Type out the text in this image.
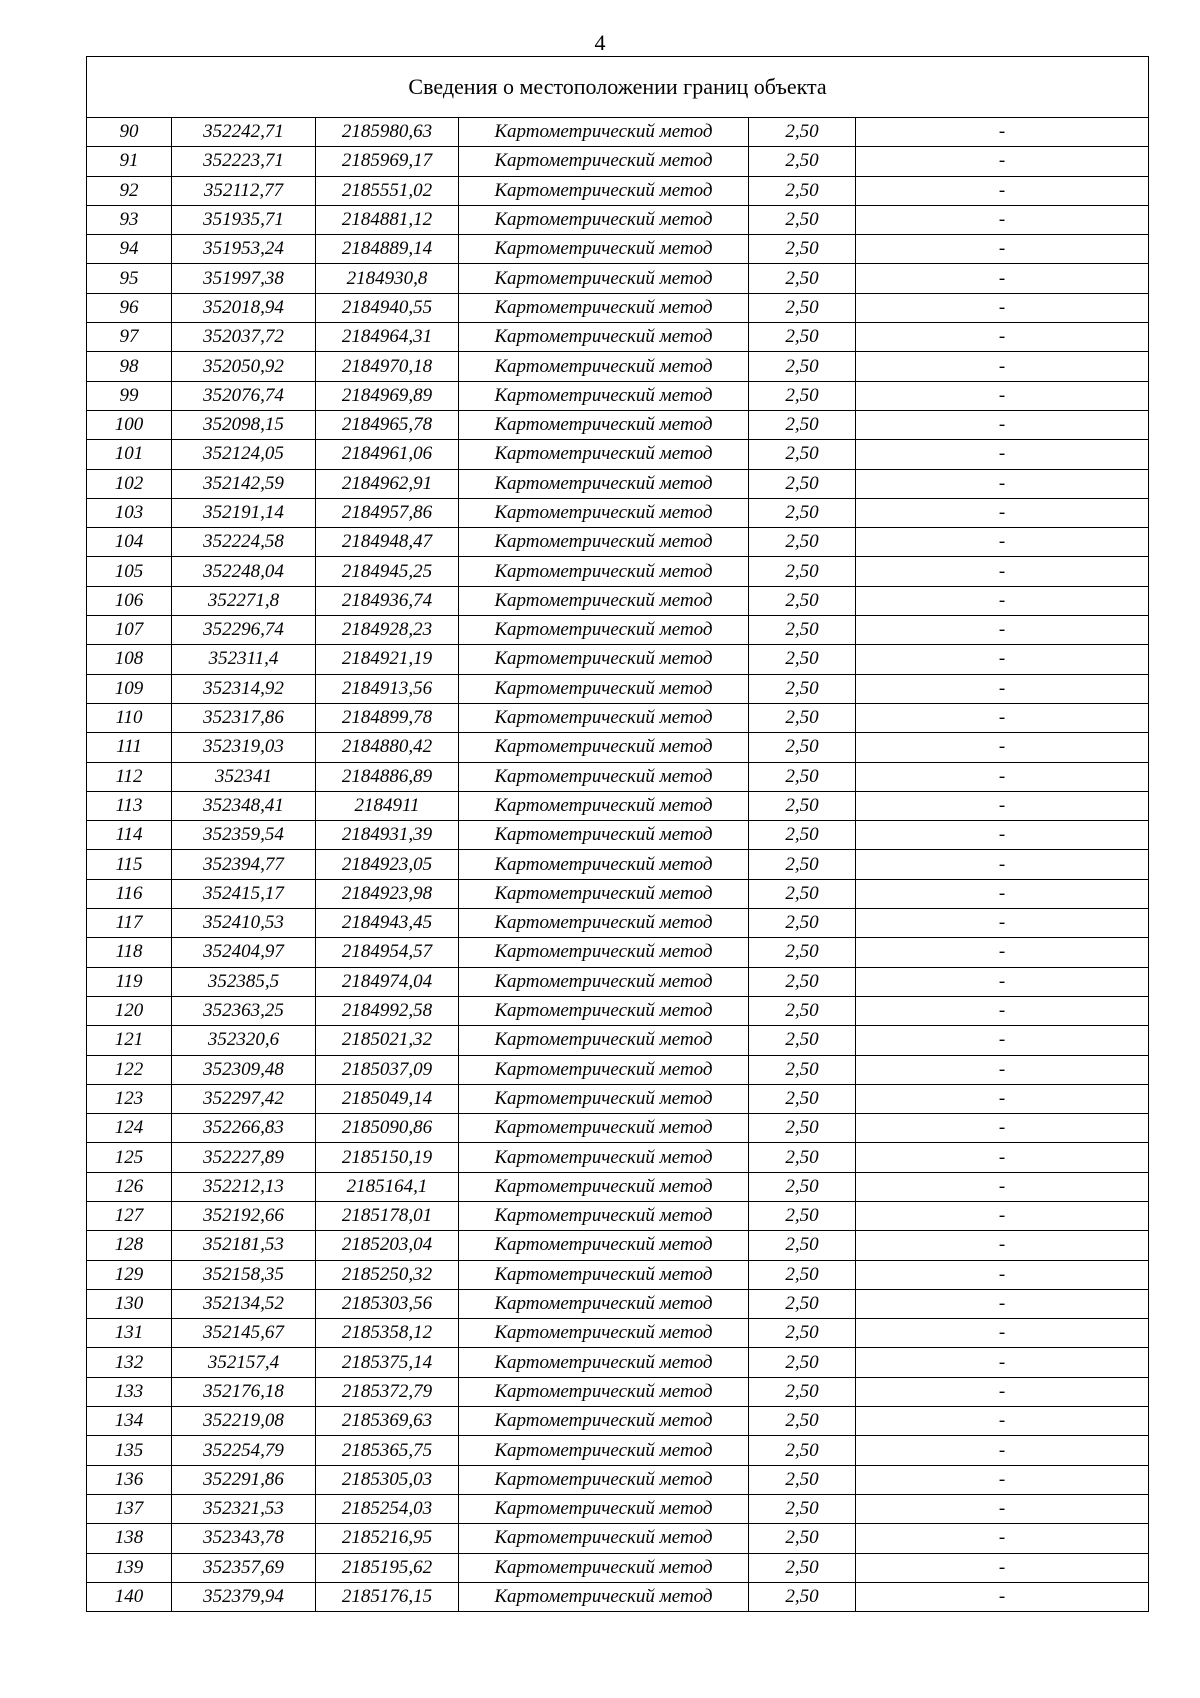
4
Сведения о местоположении границ объекта					
90	352242,71	2185980,63	Картометрический метод	2,50	-
91	352223,71	2185969,17	Картометрический метод	2,50	-
92	352112,77	2185551,02	Картометрический метод	2,50	-
93	351935,71	2184881,12	Картометрический метод	2,50	-
94	351953,24	2184889,14	Картометрический метод	2,50	-
95	351997,38	2184930,8	Картометрический метод	2,50	-
96	352018,94	2184940,55	Картометрический метод	2,50	-
97	352037,72	2184964,31	Картометрический метод	2,50	-
98	352050,92	2184970,18	Картометрический метод	2,50	-
99	352076,74	2184969,89	Картометрический метод	2,50	-
100	352098,15	2184965,78	Картометрический метод	2,50	-
101	352124,05	2184961,06	Картометрический метод	2,50	-
102	352142,59	2184962,91	Картометрический метод	2,50	-
103	352191,14	2184957,86	Картометрический метод	2,50	-
104	352224,58	2184948,47	Картометрический метод	2,50	-
105	352248,04	2184945,25	Картометрический метод	2,50	-
106	352271,8	2184936,74	Картометрический метод	2,50	-
107	352296,74	2184928,23	Картометрический метод	2,50	-
108	352311,4	2184921,19	Картометрический метод	2,50	-
109	352314,92	2184913,56	Картометрический метод	2,50	-
110	352317,86	2184899,78	Картометрический метод	2,50	-
111	352319,03	2184880,42	Картометрический метод	2,50	-
112	352341	2184886,89	Картометрический метод	2,50	-
113	352348,41	2184911	Картометрический метод	2,50	-
114	352359,54	2184931,39	Картометрический метод	2,50	-
115	352394,77	2184923,05	Картометрический метод	2,50	-
116	352415,17	2184923,98	Картометрический метод	2,50	-
117	352410,53	2184943,45	Картометрический метод	2,50	-
118	352404,97	2184954,57	Картометрический метод	2,50	-
119	352385,5	2184974,04	Картометрический метод	2,50	-
120	352363,25	2184992,58	Картометрический метод	2,50	-
121	352320,6	2185021,32	Картометрический метод	2,50	-
122	352309,48	2185037,09	Картометрический метод	2,50	-
123	352297,42	2185049,14	Картометрический метод	2,50	-
124	352266,83	2185090,86	Картометрический метод	2,50	-
125	352227,89	2185150,19	Картометрический метод	2,50	-
126	352212,13	2185164,1	Картометрический метод	2,50	-
127	352192,66	2185178,01	Картометрический метод	2,50	-
128	352181,53	2185203,04	Картометрический метод	2,50	-
129	352158,35	2185250,32	Картометрический метод	2,50	-
130	352134,52	2185303,56	Картометрический метод	2,50	-
131	352145,67	2185358,12	Картометрический метод	2,50	-
132	352157,4	2185375,14	Картометрический метод	2,50	-
133	352176,18	2185372,79	Картометрический метод	2,50	-
134	352219,08	2185369,63	Картометрический метод	2,50	-
135	352254,79	2185365,75	Картометрический метод	2,50	-
136	352291,86	2185305,03	Картометрический метод	2,50	-
137	352321,53	2185254,03	Картометрический метод	2,50	-
138	352343,78	2185216,95	Картометрический метод	2,50	-
139	352357,69	2185195,62	Картометрический метод	2,50	-
140	352379,94	2185176,15	Картометрический метод	2,50	-
